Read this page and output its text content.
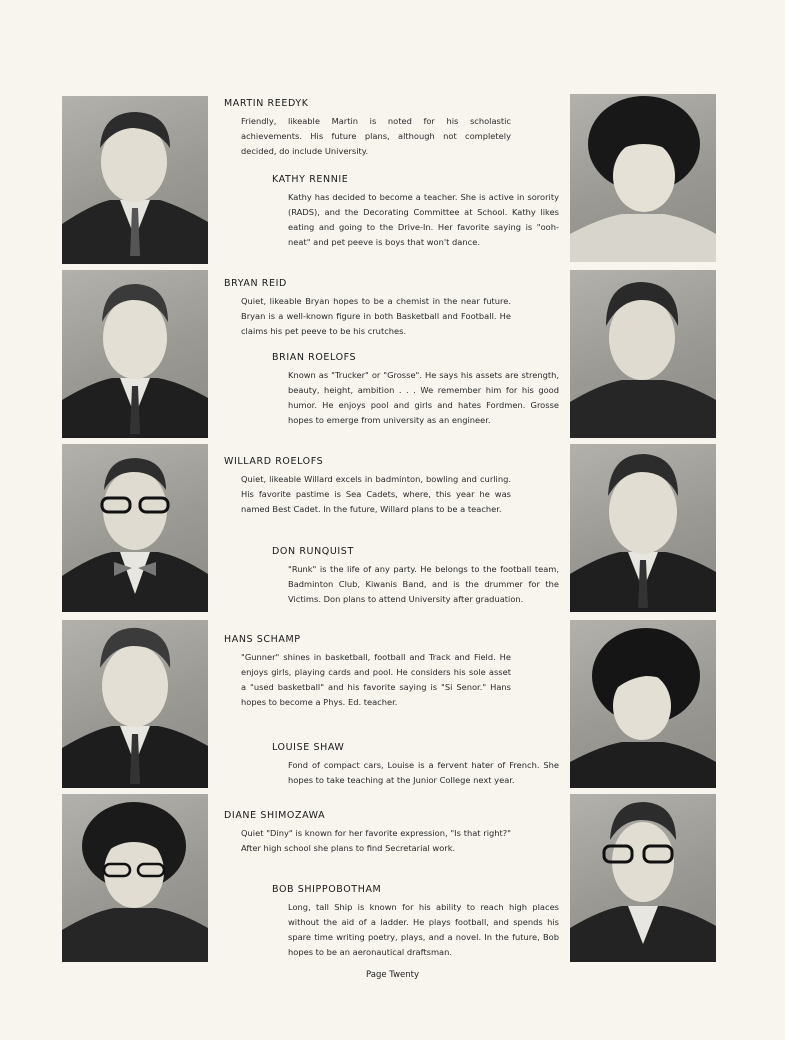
MARTIN REEDYK

Friendly, likeable Martin is noted for his scholastic achievements. His future plans, although not completely decided, do include University.

KATHY RENNIE

Kathy has decided to become a teacher. She is active in sorority (RADS), and the Decorating Committee at School. Kathy likes eating and going to the Drive-In. Her favorite saying is "ooh-neat" and pet peeve is boys that won't dance.

BRYAN REID

Quiet, likeable Bryan hopes to be a chemist in the near future. Bryan is a well-known figure in both Basketball and Football. He claims his pet peeve to be his crutches.

BRIAN ROELOFS

Known as "Trucker" or "Grosse". He says his assets are strength, beauty, height, ambition . . . We remember him for his good humor. He enjoys pool and girls and hates Fordmen. Grosse hopes to emerge from university as an engineer.

WILLARD ROELOFS

Quiet, likeable Willard excels in badminton, bowling and curling. His favorite pastime is Sea Cadets, where, this year he was named Best Cadet. In the future, Willard plans to be a teacher.

DON RUNQUIST

"Runk" is the life of any party. He belongs to the football team, Badminton Club, Kiwanis Band, and is the drummer for the Victims. Don plans to attend University after graduation.

HANS SCHAMP

"Gunner" shines in basketball, football and Track and Field. He enjoys girls, playing cards and pool. He considers his sole asset a "used basketball" and his favorite saying is "Si Senor." Hans hopes to become a Phys. Ed. teacher.

LOUISE SHAW

Fond of compact cars, Louise is a fervent hater of French. She hopes to take teaching at the Junior College next year.

DIANE SHIMOZAWA

Quiet "Diny" is known for her favorite expression, "Is that right?" After high school she plans to find Secretarial work.

BOB SHIPPOBOTHAM

Long, tall Ship is known for his ability to reach high places without the aid of a ladder. He plays football, and spends his spare time writing poetry, plays, and a novel. In the future, Bob hopes to be an aeronautical draftsman.

Page Twenty
